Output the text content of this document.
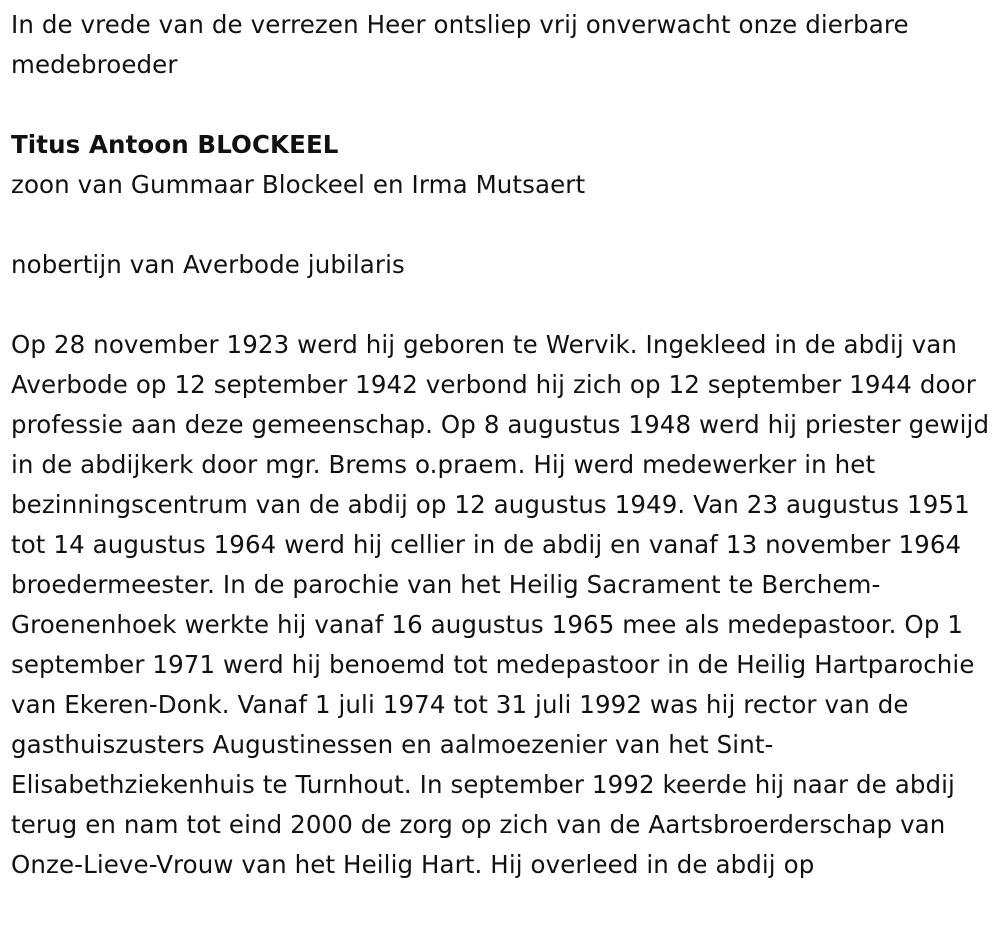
In de vrede van de verrezen Heer ontsliep vrij onverwacht onze dierbare medebroeder

Titus Antoon BLOCKEEL

zoon van Gummaar Blockeel en Irma Mutsaert

nobertijn van Averbode jubilaris

Op 28 november 1923 werd hij geboren te Wervik. Ingekleed in de abdij van Averbode op 12 september 1942 verbond hij zich op 12 september 1944 door professie aan deze gemeenschap. Op 8 augustus 1948 werd hij priester gewijd in de abdijkerk door mgr. Brems o.praem. Hij werd medewerker in het bezinningscentrum van de abdij op 12 augustus 1949. Van 23 augustus 1951 tot 14 augustus 1964 werd hij cellier in de abdij en vanaf 13 november 1964 broedermeester. In de parochie van het Heilig Sacrament te Berchem-Groenenhoek werkte hij vanaf 16 augustus 1965 mee als medepastoor. Op 1 september 1971 werd hij benoemd tot medepastoor in de Heilig Hartparochie van Ekeren-Donk. Vanaf 1 juli 1974 tot 31 juli 1992 was hij rector van de gasthuiszusters Augustinessen en aalmoezenier van het Sint-Elisabethziekenhuis te Turnhout. In september 1992 keerde hij naar de abdij terug en nam tot eind 2000 de zorg op zich van de Aartsbroerderschap van Onze-Lieve-Vrouw van het Heilig Hart. Hij overleed in de abdij op
